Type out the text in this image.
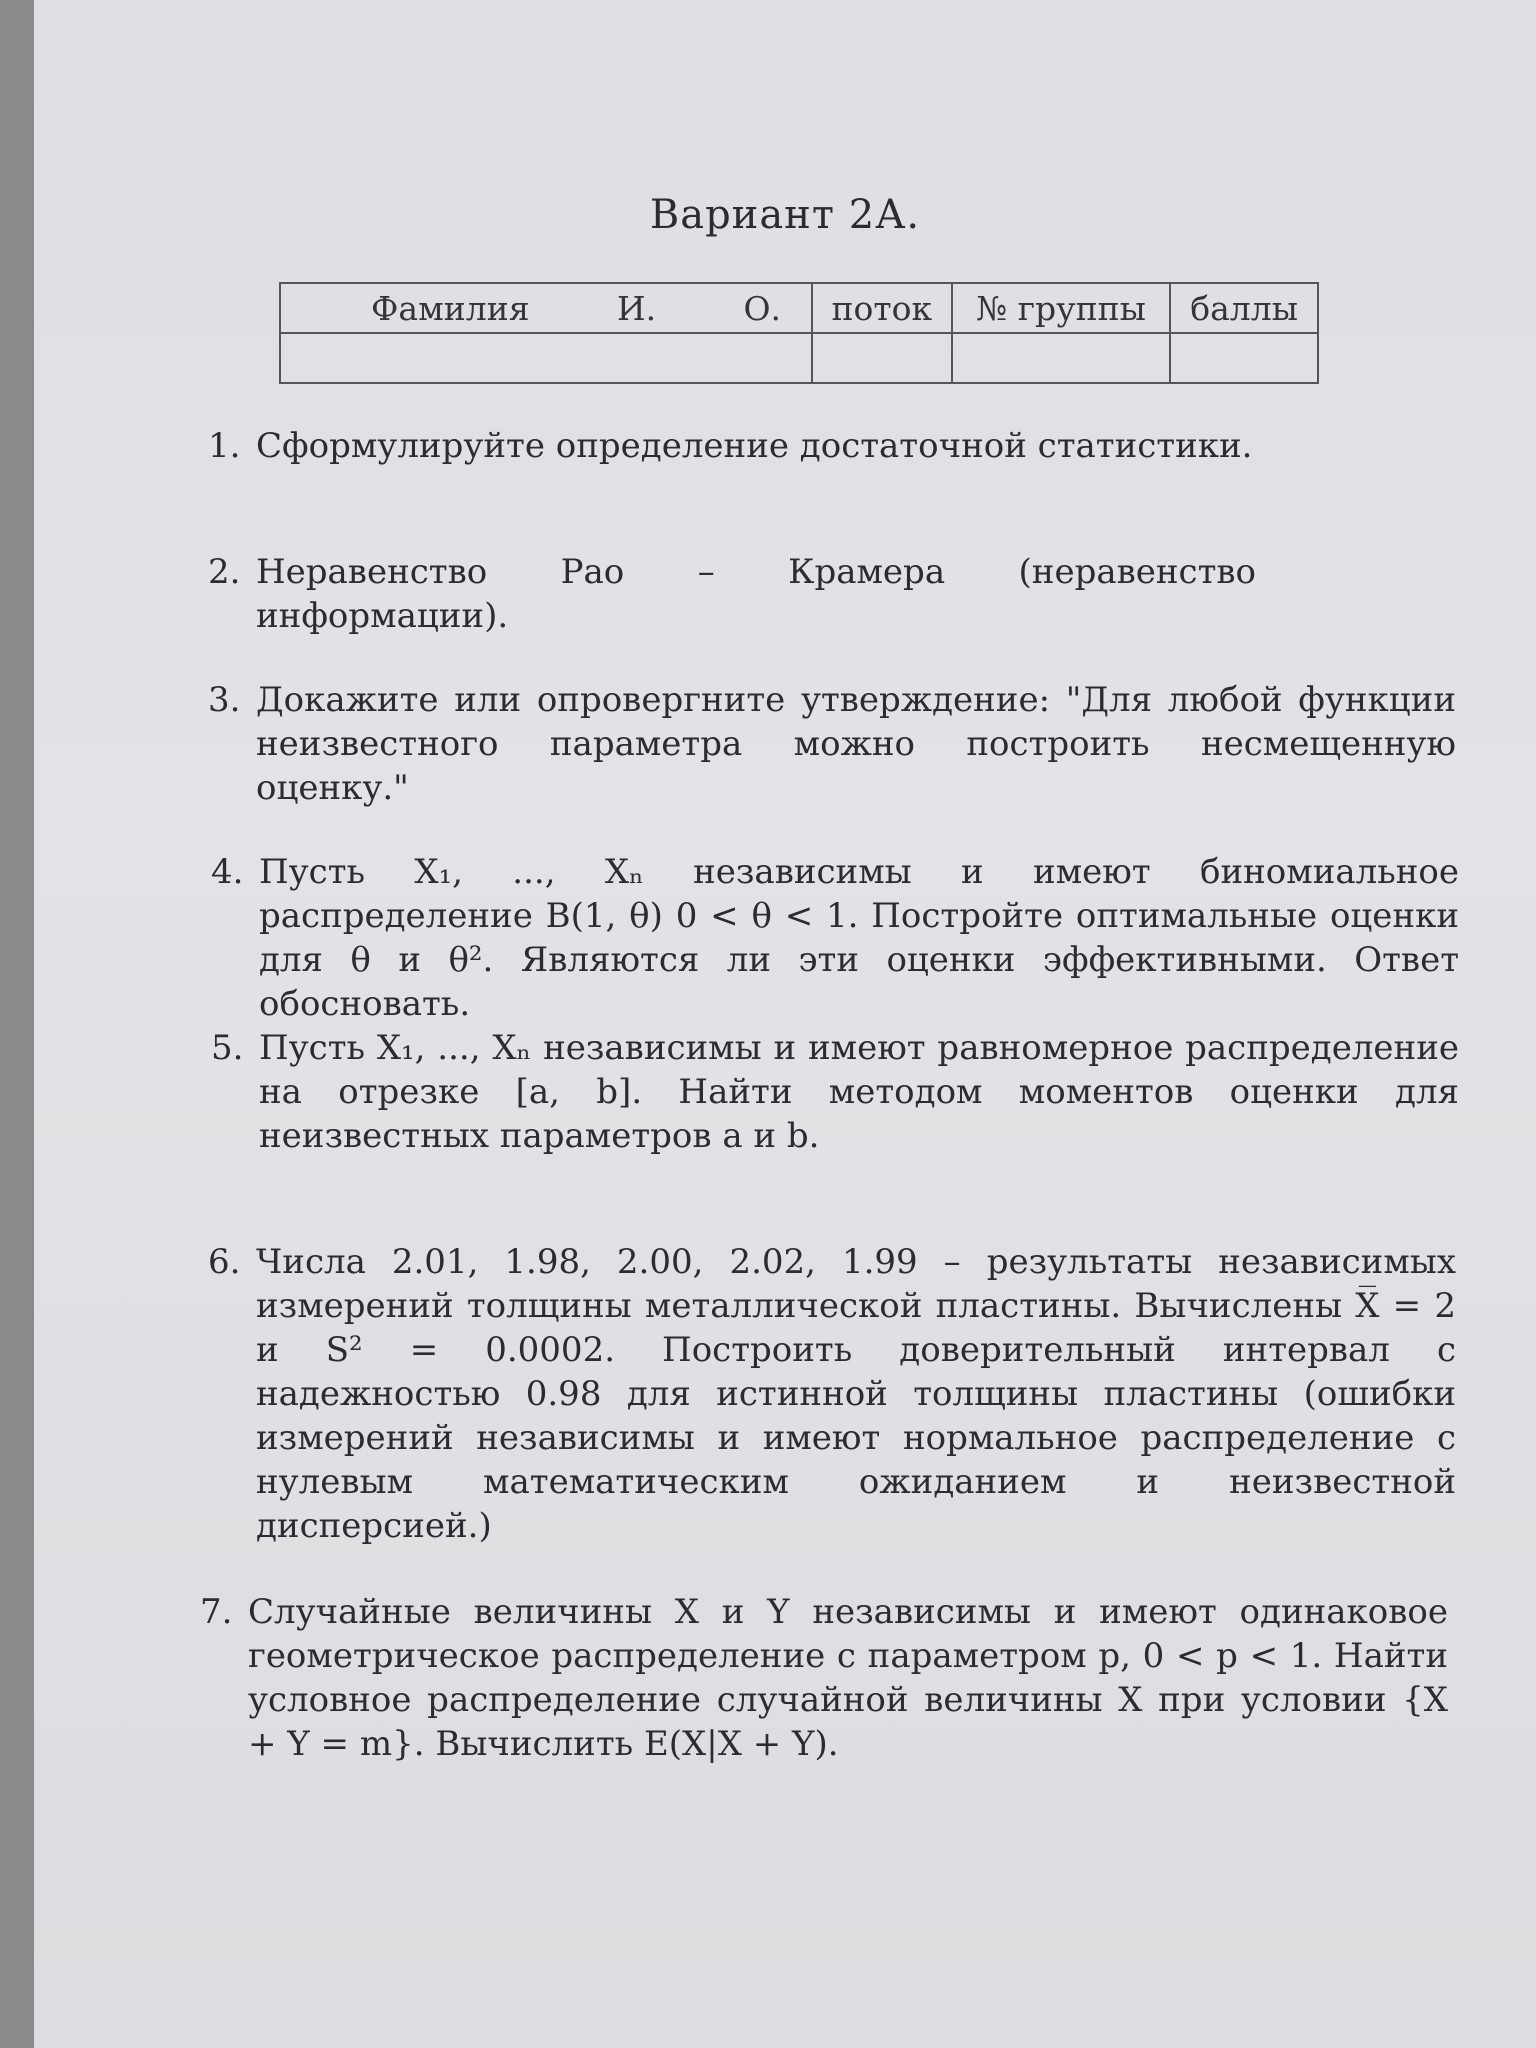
Вариант 2А.
Фамилия И. О.	поток	№ группы	баллы

1. Сформулируйте определение достаточной статистики.
2. Неравенство Рао – Крамера (неравенство информации).
3. Докажите или опровергните утверждение: "Для любой функции неизвестного параметра можно построить несмещенную оценку."
4. Пусть X₁, ..., Xₙ независимы и имеют биномиальное распределение B(1, θ) 0 < θ < 1. Постройте оптимальные оценки для θ и θ². Являются ли эти оценки эффективными. Ответ обосновать.
5. Пусть X₁, ..., Xₙ независимы и имеют равномерное распределение на отрезке [a, b]. Найти методом моментов оценки для неизвестных параметров a и b.
6. Числа 2.01, 1.98, 2.00, 2.02, 1.99 – результаты независимых измерений толщины металлической пластины. Вычислены X̅ = 2 и S² = 0.0002. Построить доверительный интервал с надежностью 0.98 для истинной толщины пластины (ошибки измерений независимы и имеют нормальное распределение с нулевым математическим ожиданием и неизвестной дисперсией.)
7. Случайные величины X и Y независимы и имеют одинаковое геометрическое распределение с параметром p, 0 < p < 1. Найти условное распределение случайной величины X при условии {X + Y = m}. Вычислить E(X|X + Y).
